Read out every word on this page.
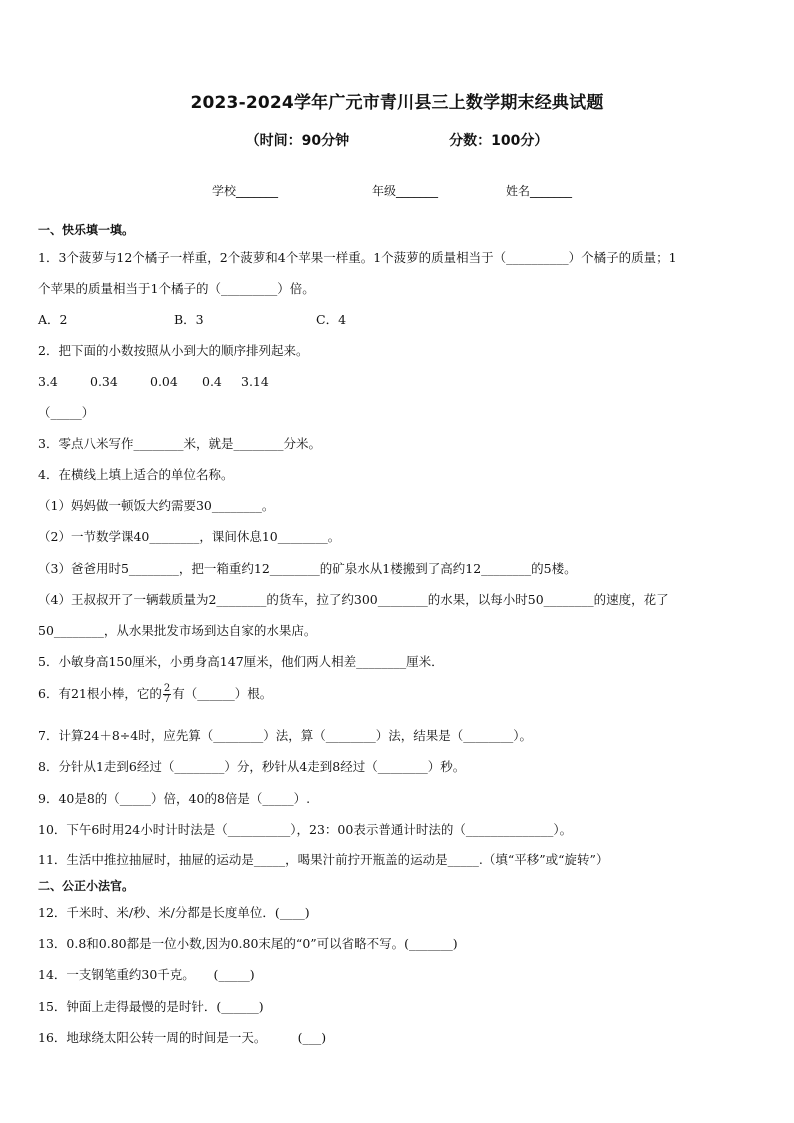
2023-2024学年广元市青川县三上数学期末经典试题
（时间：90分钟	分数：100分）
学校_______	年级_______	姓名_______
一、快乐填一填。
1．3个菠萝与12个橘子一样重，2个菠萝和4个苹果一样重。1个菠萝的质量相当于（__________）个橘子的质量；1
个苹果的质量相当于1个橘子的（_________）倍。
A．2	B．3	C．4
2．把下面的小数按照从小到大的顺序排列起来。
3.4	0.34	0.04 0.4 3.14
（_____）
3．零点八米写作________米，就是________分米。
4．在横线上填上适合的单位名称。
（1）妈妈做一顿饭大约需要30________。
（2）一节数学课40________，课间休息10________。
（3）爸爸用时5________，把一箱重约12________的矿泉水从1楼搬到了高约12________的5楼。
（4）王叔叔开了一辆载质量为2________的货车，拉了约300________的水果，以每小时50________的速度，花了
50________，从水果批发市场到达自家的水果店。
5．小敏身高150厘米，小勇身高147厘米，他们两人相差________厘米．
6．有21根小棒，它的 $\frac{2}{7}$ 有（______）根。
7．计算24＋8÷4时，应先算（________）法，算（________）法，结果是（________）。
8．分针从1走到6经过（________）分，秒针从4走到8经过（________）秒。
9．40是8的（_____）倍，40的8倍是（_____）.
10．下午6时用24小时计时法是（__________），23：00表示普通计时法的（______________）。
11．生活中推拉抽屉时，抽屉的运动是_____，喝果汁前拧开瓶盖的运动是_____.（填“平移”或“旋转”）
二、公正小法官。
12．千米时、米/秒、米/分都是长度单位．(____)
13．0.8和0.80都是一位小数,因为0.80末尾的“0”可以省略不写。(_______)
14．一支钢笔重约30千克。　　(_____)
15．钟面上走得最慢的是时针．(______)
16．地球绕太阳公转一周的时间是一天。　　　(___)
